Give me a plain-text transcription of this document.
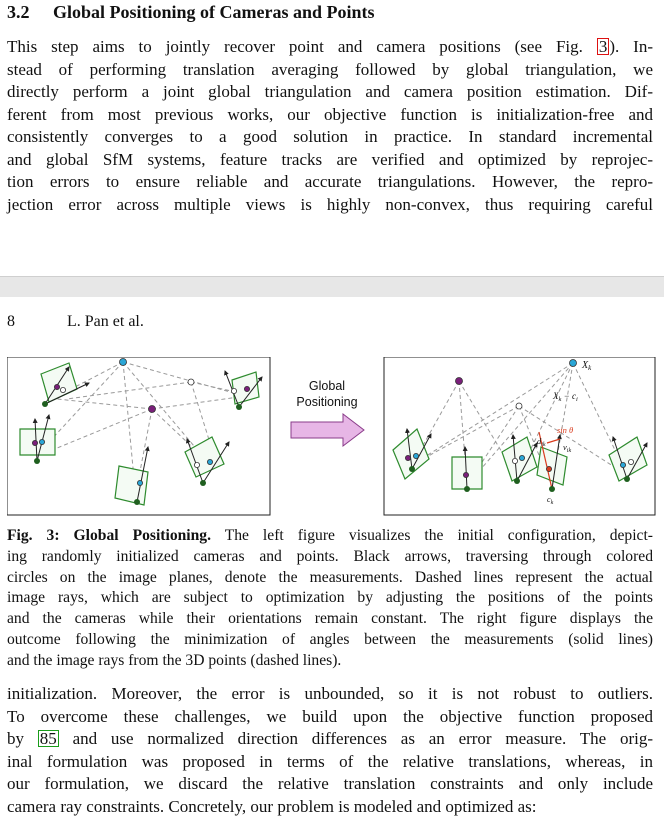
3.2 Global Positioning of Cameras and Points
This step aims to jointly recover point and camera positions (see Fig. 3 ). In-
stead of performing translation averaging followed by global triangulation, we
directly perform a joint global triangulation and camera position estimation. Dif-
ferent from most previous works, our objective function is initialization-free and
consistently converges to a good solution in practice. In standard incremental
and global SfM systems, feature tracks are verified and optimized by reprojec-
tion errors to ensure reliable and accurate triangulations. However, the repro-
jection error across multiple views is highly non-convex, thus requiring careful
8	L. Pan et al.
Global
Positioning
$X_k$
$X_k - c_i$
sin θ
$d_{ik}$ $v_{ik}$
$c_k$
Fig. 3: Global Positioning. The left figure visualizes the initial configuration, depict-
ing randomly initialized cameras and points. Black arrows, traversing through colored
circles on the image planes, denote the measurements. Dashed lines represent the actual
image rays, which are subject to optimization by adjusting the positions of the points
and the cameras while their orientations remain constant. The right figure displays the
outcome following the minimization of angles between the measurements (solid lines)
and the image rays from the 3D points (dashed lines).
initialization. Moreover, the error is unbounded, so it is not robust to outliers.
To overcome these challenges, we build upon the objective function proposed
by 85 and use normalized direction differences as an error measure. The orig-
inal formulation was proposed in terms of the relative translations, whereas, in
our formulation, we discard the relative translation constraints and only include
camera ray constraints. Concretely, our problem is modeled and optimized as:
